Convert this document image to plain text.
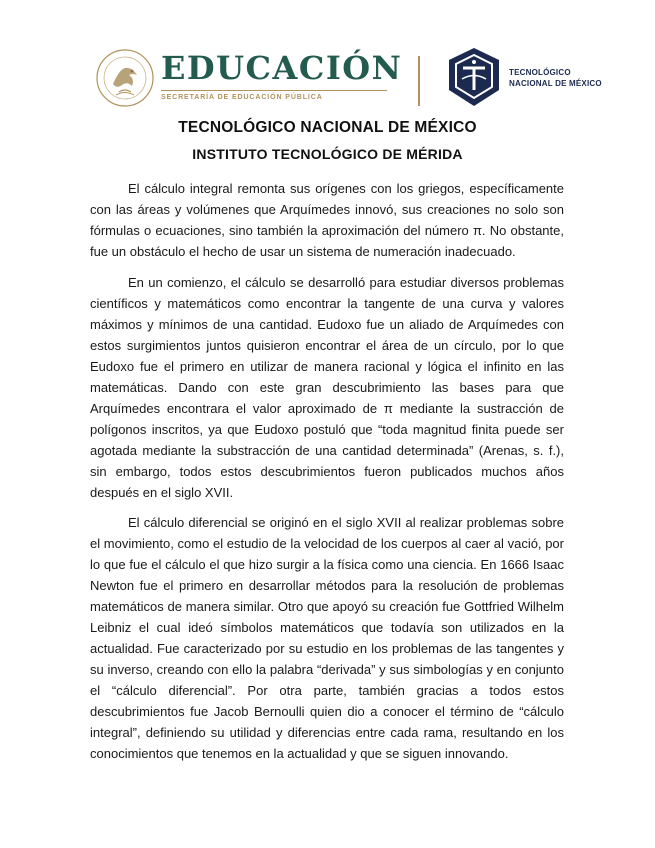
EDUCACIÓN
SECRETARÍA DE EDUCACIÓN PÚBLICA
TECNOLÓGICO
NACIONAL DE MÉXICO
TECNOLÓGICO NACIONAL DE MÉXICO
INSTITUTO TECNOLÓGICO DE MÉRIDA

El cálculo integral remonta sus orígenes con los griegos, específicamente con las áreas y volúmenes que Arquímedes innovó, sus creaciones no solo son fórmulas o ecuaciones, sino también la aproximación del número π. No obstante, fue un obstáculo el hecho de usar un sistema de numeración inadecuado.

En un comienzo, el cálculo se desarrolló para estudiar diversos problemas científicos y matemáticos como encontrar la tangente de una curva y valores máximos y mínimos de una cantidad. Eudoxo fue un aliado de Arquímedes con estos surgimientos juntos quisieron encontrar el área de un círculo, por lo que Eudoxo fue el primero en utilizar de manera racional y lógica el infinito en las matemáticas. Dando con este gran descubrimiento las bases para que Arquímedes encontrara el valor aproximado de π mediante la sustracción de polígonos inscritos, ya que Eudoxo postuló que “toda magnitud finita puede ser agotada mediante la substracción de una cantidad determinada” (Arenas, s. f.), sin embargo, todos estos descubrimientos fueron publicados muchos años después en el siglo XVII.

El cálculo diferencial se originó en el siglo XVII al realizar problemas sobre el movimiento, como el estudio de la velocidad de los cuerpos al caer al vació, por lo que fue el cálculo el que hizo surgir a la física como una ciencia. En 1666 Isaac Newton fue el primero en desarrollar métodos para la resolución de problemas matemáticos de manera similar. Otro que apoyó su creación fue Gottfried Wilhelm Leibniz el cual ideó símbolos matemáticos que todavía son utilizados en la actualidad. Fue caracterizado por su estudio en los problemas de las tangentes y su inverso, creando con ello la palabra “derivada” y sus simbologías y en conjunto el “cálculo diferencial”. Por otra parte, también gracias a todos estos descubrimientos fue Jacob Bernoulli quien dio a conocer el término de “cálculo integral”, definiendo su utilidad y diferencias entre cada rama, resultando en los conocimientos que tenemos en la actualidad y que se siguen innovando.
